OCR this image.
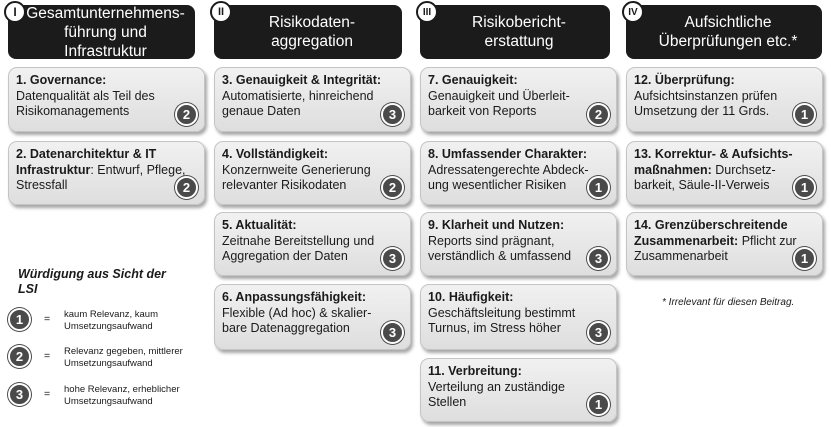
Gesamtunternehmens-
führung und Infrastruktur
I
Risikodaten-
aggregation
II
Risikobericht-
erstattung
III
Aufsichtliche
Überprüfungen etc.*
IV
1. Governance:
Datenqualität als Teil des Risikomanagements	2
2. Datenarchitektur & IT Infrastruktur: Entwurf, Pflege, Stressfall	2
3. Genauigkeit & Integrität:
Automatisierte, hinreichend genaue Daten	3
4. Vollständigkeit:
Konzernweite Generierung relevanter Risikodaten	2
5. Aktualität:
Zeitnahe Bereitstellung und Aggregation der Daten	3
6. Anpassungsfähigkeit:
Flexible (Ad hoc) & skalier-bare Datenaggregation	3
7. Genauigkeit:
Genauigkeit und Überleit-barkeit von Reports	2
8. Umfassender Charakter:
Adressatengerechte Abdeck-ung wesentlicher Risiken	1
9. Klarheit und Nutzen:
Reports sind prägnant, verständlich & umfassend	3
10. Häufigkeit:
Geschäftsleitung bestimmt Turnus, im Stress höher	3
11. Verbreitung:
Verteilung an zuständige Stellen	1
12. Überprüfung:
Aufsichtsinstanzen prüfen Umsetzung der 11 Grds.	1
13. Korrektur- & Aufsichts-maßnahmen: Durchsetz-barkeit, Säule-II-Verweis	1
14. Grenzüberschreitende Zusammenarbeit: Pflicht zur Zusammenarbeit	1
* Irrelevant für diesen Beitrag.
Würdigung aus Sicht der LSI
1	= kaum Relevanz, kaum Umsetzungsaufwand
2	= Relevanz gegeben, mittlerer Umsetzungsaufwand
3	= hohe Relevanz, erheblicher Umsetzungsaufwand
